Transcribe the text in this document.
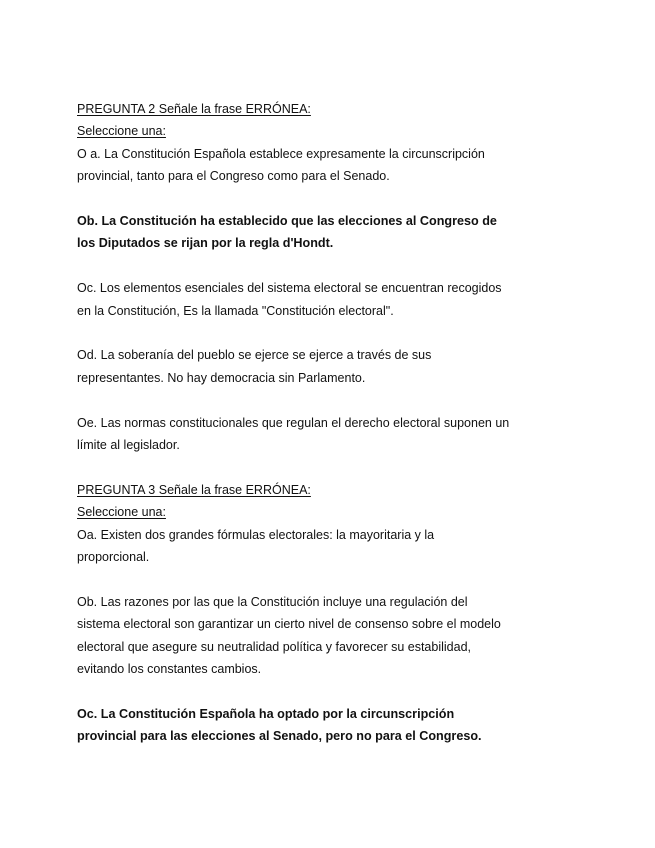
PREGUNTA 2 Señale la frase ERRÓNEA:
Seleccione una:
O a. La Constitución Española establece expresamente la circunscripción
provincial, tanto para el Congreso como para el Senado.
Ob. La Constitución ha establecido que las elecciones al Congreso de
los Diputados se rijan por la regla d'Hondt.
Oc. Los elementos esenciales del sistema electoral se encuentran recogidos
en la Constitución, Es la llamada "Constitución electoral".
Od. La soberanía del pueblo se ejerce se ejerce a través de sus
representantes. No hay democracia sin Parlamento.
Oe. Las normas constitucionales que regulan el derecho electoral suponen un
límite al legislador.
PREGUNTA 3 Señale la frase ERRÓNEA:
Seleccione una:
Oa. Existen dos grandes fórmulas electorales: la mayoritaria y la
proporcional.
Ob. Las razones por las que la Constitución incluye una regulación del
sistema electoral son garantizar un cierto nivel de consenso sobre el modelo
electoral que asegure su neutralidad política y favorecer su estabilidad,
evitando los constantes cambios.
Oc. La Constitución Española ha optado por la circunscripción
provincial para las elecciones al Senado, pero no para el Congreso.
